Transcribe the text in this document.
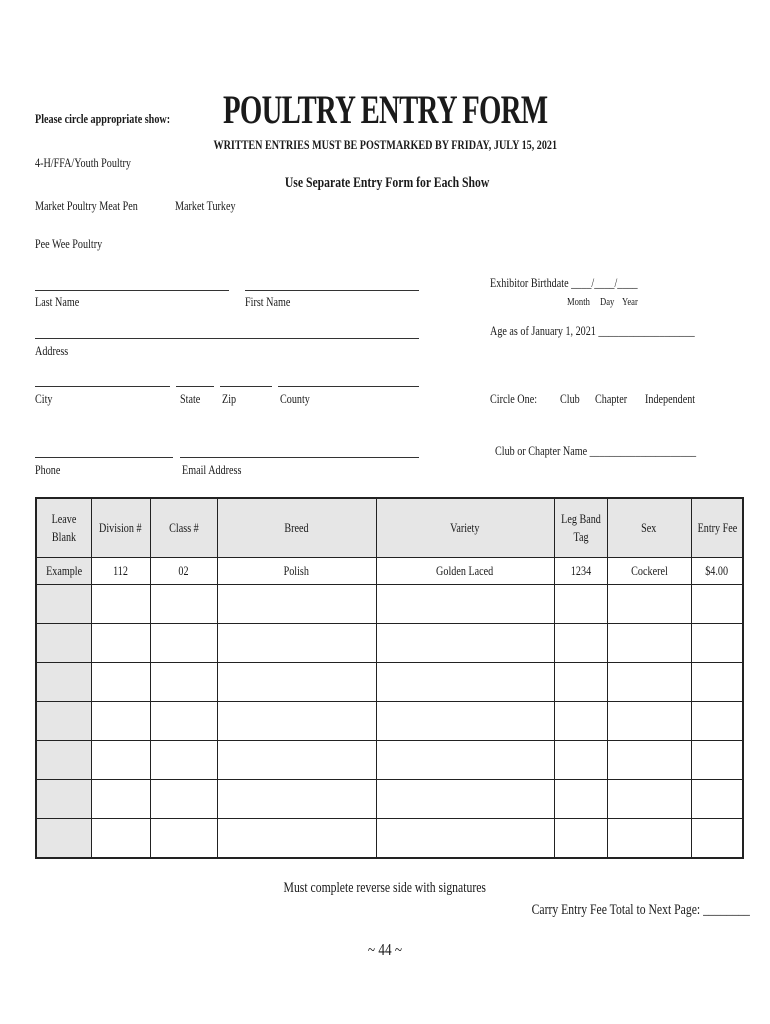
Please circle appropriate show:	POULTRY ENTRY FORM
WRITTEN ENTRIES MUST BE POSTMARKED BY FRIDAY, JULY 15, 2021
4-H/FFA/Youth Poultry
Use Separate Entry Form for Each Show
Market Poultry Meat Pen	Market Turkey
Pee Wee Poultry
Last Name	First Name
Exhibitor Birthdate ____/____/____
Month Day Year
Address
Age as of January 1, 2021 ___________________
City	State	Zip	County	Circle One:	Club	Chapter	Independent
Phone	Email Address
Club or Chapter Name _____________________
Leave Blank	Division #	Class #	Breed	Variety	Leg Band Tag	Sex	Entry Fee
Example	112	02	Polish	Golden Laced	1234	Cockerel	$4.00

Must complete reverse side with signatures
Carry Entry Fee Total to Next Page: ________
~ 44 ~
